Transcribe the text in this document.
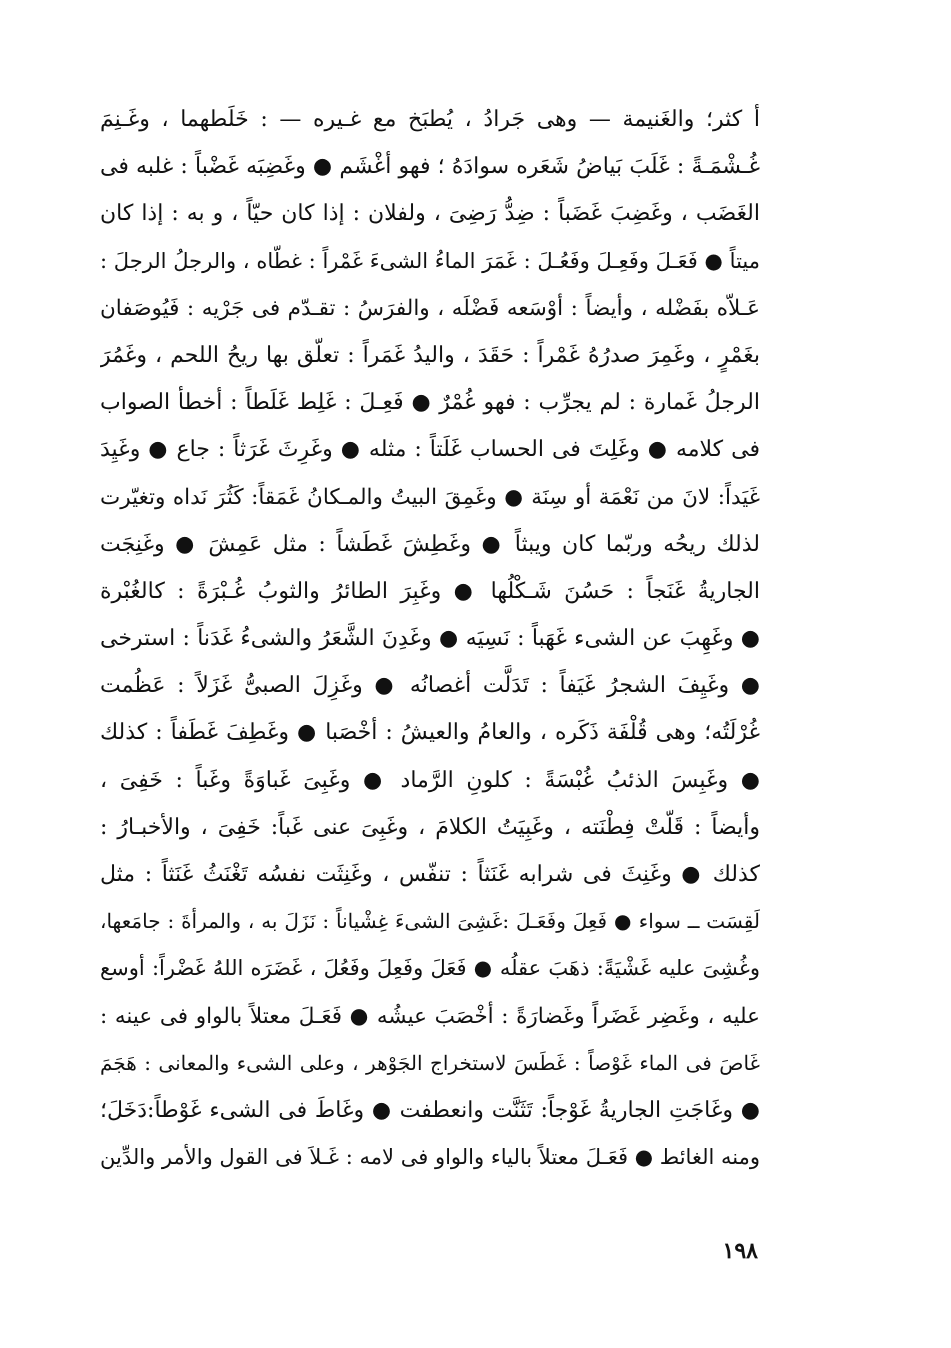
أ كثر؛ والغَنيمة — وهى جَرادُ ، يُطبَخ مع غـيره — : خَلَطهما ، وغَـنِمَ
غُـشْمَـةً : غَلَبَ بَياضُ شَعَره سوادَهُ ؛ فهو أغْشَم ● وغَضِبَه غَضْباً : غلبه فى
الغَضَب ، وغَضِبَ غَضَباً : ضِدُّ رَضِىَ ، ولفلان : إذا كان حيّاً ، و به : إذا كان
ميتاً ● فَعَـلَ وفَعِـلَ وفَعُـلَ : غَمَرَ الماءُ الشىءَ غَمْراً : غطّاه ، والرجلُ الرجلَ :
عَـلاّه بفَضْله ، وأيضاً : أوْسَعه فَضْلَه ، والفرَسُ : تقـدّم فى جَرْيه : فَيُوصَفان
بغَمْرٍ ، وغَمِرَ صدرُهُ غَمْراً : حَقَدَ ، واليدُ غَمَراً : تعلّق بها ريحُ اللحم ، وغَمُرَ
الرجلُ غَمارة : لم يجرِّب : فهو غُمْرٌ ● فَعِـلَ : غَلِط غَلَطاً : أخطأ الصواب
فى كلامه ● وغَلِتَ فى الحساب غَلَتاً : مثله ● وغَرِثَ غَرَثاً : جاع ● وغَيِدَ
غَيَداً: لانَ من نَعْمَة أو سِنَة ● وغَمِقَ البيتُ والمـكانُ غَمَقاً: كَثُرَ نَداه وتغيّرت
لذلك ريحُه وربّما كان ويبثاً ● وغَطِشَ غَطَشاً : مثل عَمِشَ ● وغَنِجَت
الجاريةُ غَنَجاً : حَسُنَ شَـكْلُها ● وغَبِرَ الطائرُ والثوبُ غُـبْرَةً : كالغُبْرة
● وغَهِبَ عن الشىء غَهَباً : نَسِيَه ● وغَدِنَ الشَّعَرُ والشىءُ غَدَناً : استرخى
● وغَيِفَ الشجرُ غَيَفاً : تَدَلَّت أغصانُه ● وغَزِلَ الصبىُّ غَزَلاً : عَظُمت
غُرْلَتُه؛ وهى قُلْفَة ذَكَره ، والعامُ والعيشُ : أخْصَبا ● وغَطِفَ غَطَفاً : كذلك
● وغَبِسَ الذئبُ غُبْسَةً : كلونِ الرَّماد ● وغَبِىَ غَباوَةً وغَباً : خَفِىَ ،
وأيضاً : قَلّتْ فِطْنَته ، وغَبِيَتُ الكلامَ ، وغَبِىَ عنى غَباً: خَفِىَ ، والأخبـارُ :
كذلك ● وغَنِثَ فى شرابه غَنَثاً : تنفّس ، وغَنِثَت نفسُه تَغْنَثُ غَنَثاً : مثل
لَقِسَت ــ سواء ● فَعِلَ وفَعَـلَ :غَشِىَ الشىءَ غِشْياناً : نَزَلَ به ، والمرأةَ : جامَعها،
وغُشِىَ عليه غَشْيَةً: ذهَبَ عقلُه ● فَعَلَ وفَعِلَ وفَعُلَ ، غَضَرَه اللهُ غَضْراً: أوسع
عليه ، وغَضِر غَضَراً وغَضارَةً : أخْصَبَ عيشُه ● فَعَـلَ معتلاً بالواو فى عينه :
غَاصَ فى الماء غَوْصاً : غَطَسَ لاستخراج الجَوْهر ، وعلى الشىء والمعانى : هَجَمَ
● وغَاجَتِ الجاريةُ غَوْجاً: تَثَنَّت وانعطفت ● وغَاطَ فى الشىء غَوْطاً:دَخَلَ؛
ومنه الغائط ● فَعَـلَ معتلاً بالياء والواو فى لامه : غَـلاَ فى القول والأمر والدِّين
١٩٨
